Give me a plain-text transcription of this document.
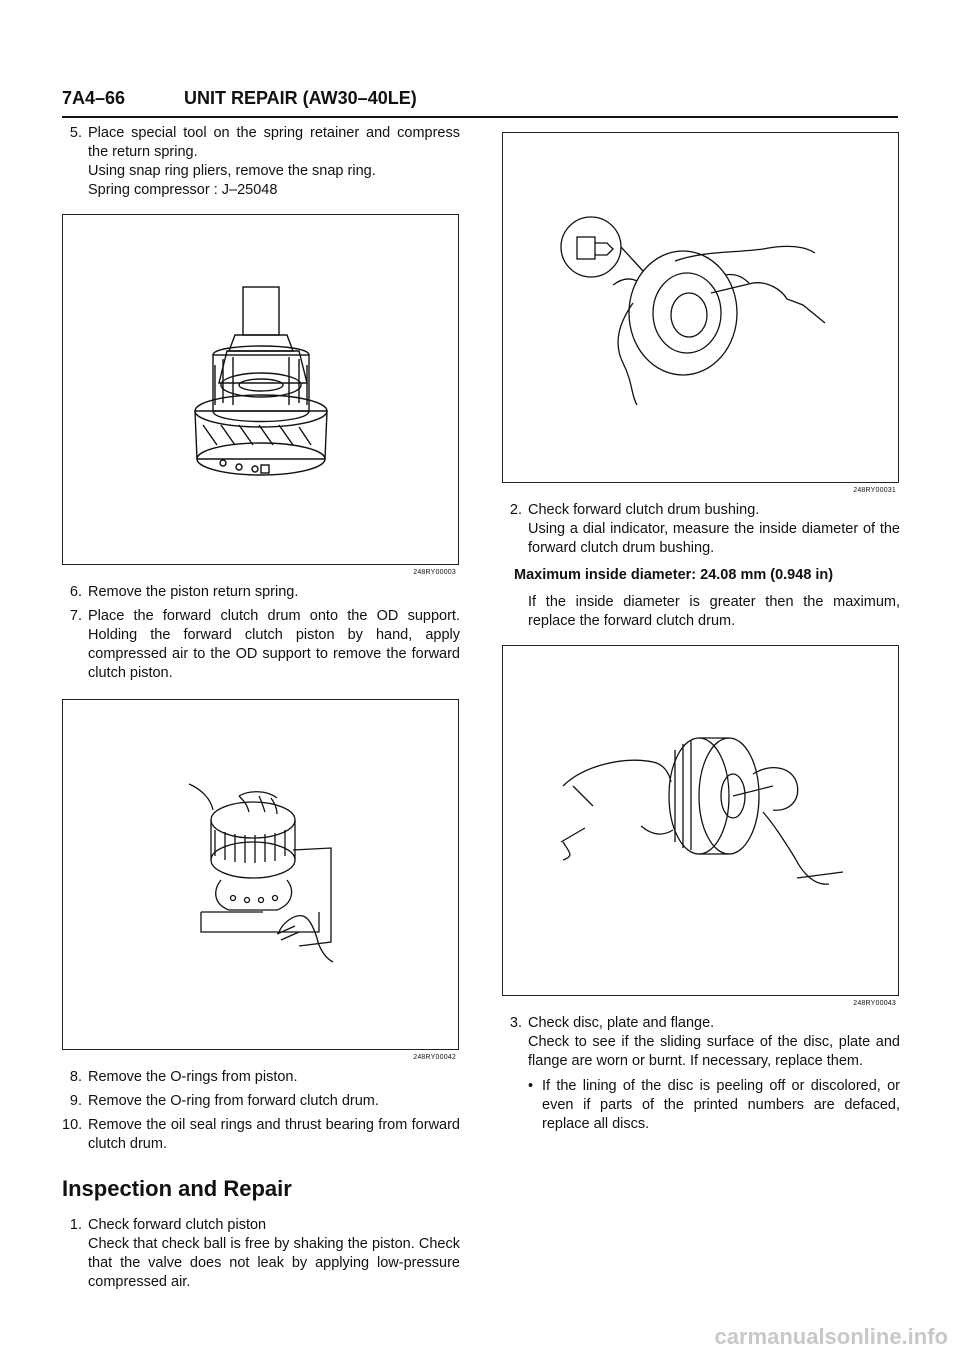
7A4–66	UNIT REPAIR (AW30–40LE)
5. Place special tool on the spring retainer and compress the return spring.
Using snap ring pliers, remove the snap ring.
Spring compressor : J–25048
248RY00003
6. Remove the piston return spring.
7. Place the forward clutch drum onto the OD support. Holding the forward clutch piston by hand, apply compressed air to the OD support to remove the forward clutch piston.
248RY00042
8. Remove the O-rings from piston.
9. Remove the O-ring from forward clutch drum.
10. Remove the oil seal rings and thrust bearing from forward clutch drum.
Inspection and Repair
1. Check forward clutch piston
Check that check ball is free by shaking the piston. Check that the valve does not leak by applying low-pressure compressed air.
248RY00031
2. Check forward clutch drum bushing.
Using a dial indicator, measure the inside diameter of the forward clutch drum bushing.
Maximum inside diameter: 24.08 mm (0.948 in)
If the inside diameter is greater then the maximum, replace the forward clutch drum.
248RY00043
3. Check disc, plate and flange.
Check to see if the sliding surface of the disc, plate and flange are worn or burnt. If necessary, replace them.
• If the lining of the disc is peeling off or discolored, or even if parts of the printed numbers are defaced, replace all discs.
carmanualsonline.info
